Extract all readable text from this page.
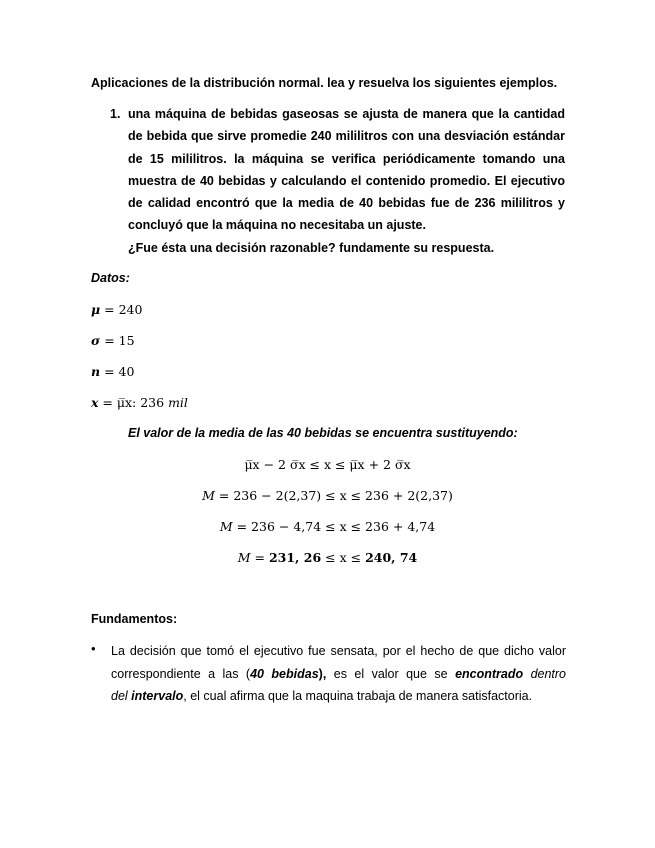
Aplicaciones de la distribución normal. lea y resuelva los siguientes ejemplos.
1. una máquina de bebidas gaseosas se ajusta de manera que la cantidad
de bebida que sirve promedie 240 mililitros con una desviación estándar
de 15 mililitros. la máquina se verifica periódicamente tomando una
muestra de 40 bebidas y calculando el contenido promedio. El ejecutivo
de calidad encontró que la media de 40 bebidas fue de 236 mililitros y
concluyó que la máquina no necesitaba un ajuste.
¿Fue ésta una decisión razonable? fundamente su respuesta.
Datos:
μ = 240
σ = 15
n = 40
x = μ̅x: 236 mil
El valor de la media de las 40 bebidas se encuentra sustituyendo:
μ̅x − 2 σ̅x ≤ x ≤ μ̅x + 2 σ̅x
M = 236 − 2(2,37) ≤ x ≤ 236 + 2(2,37)
M = 236 − 4,74 ≤ x ≤ 236 + 4,74
M = 231, 26 ≤ x ≤ 240, 74
Fundamentos:
• La decisión que tomó el ejecutivo fue sensata, por el hecho de que dicho valor
correspondiente a las (40 bebidas), es el valor que se encontrado dentro
del intervalo, el cual afirma que la maquina trabaja de manera satisfactoria.
